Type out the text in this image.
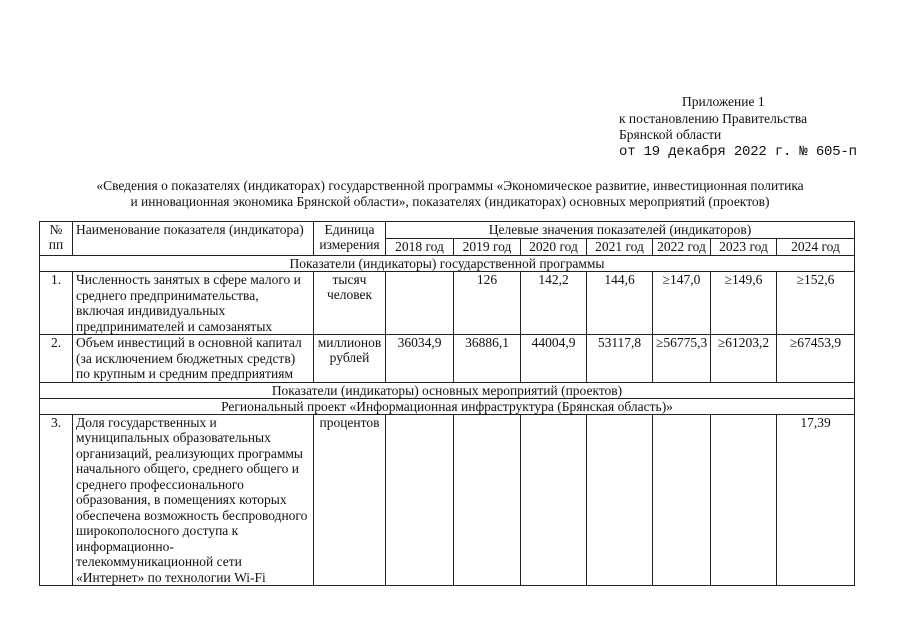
Приложение 1
к постановлению Правительства
Брянской области
от 19 декабря 2022 г. № 605-п
«Сведения о показателях (индикаторах) государственной программы «Экономическое развитие, инвестиционная политика
и инновационная экономика Брянской области», показателях (индикаторах) основных мероприятий (проектов)
№ пп	Наименование показателя (индикатора)	Единица измерения	Целевые значения показателей (индикаторов)						
			2018 год	2019 год	2020 год	2021 год	2022 год	2023 год	2024 год
Показатели (индикаторы) государственной программы									
1.	Численность занятых в сфере малого и среднего предпринимательства, включая индивидуальных предпринимателей и самозанятых	тысяч человек		126	142,2	144,6	≥147,0	≥149,6	≥152,6
2.	Объем инвестиций в основной капитал (за исключением бюджетных средств) по крупным и средним предприятиям	миллионов рублей	36034,9	36886,1	44004,9	53117,8	≥56775,3	≥61203,2	≥67453,9
Показатели (индикаторы) основных мероприятий (проектов)									
Региональный проект «Информационная инфраструктура (Брянская область)»									
3.	Доля государственных и муниципальных образовательных организаций, реализующих программы начального общего, среднего общего и среднего профессионального образования, в помещениях которых обеспечена возможность беспроводного широкополосного доступа к информационно-телекоммуникационной сети «Интернет» по технологии Wi-Fi	процентов							17,39
